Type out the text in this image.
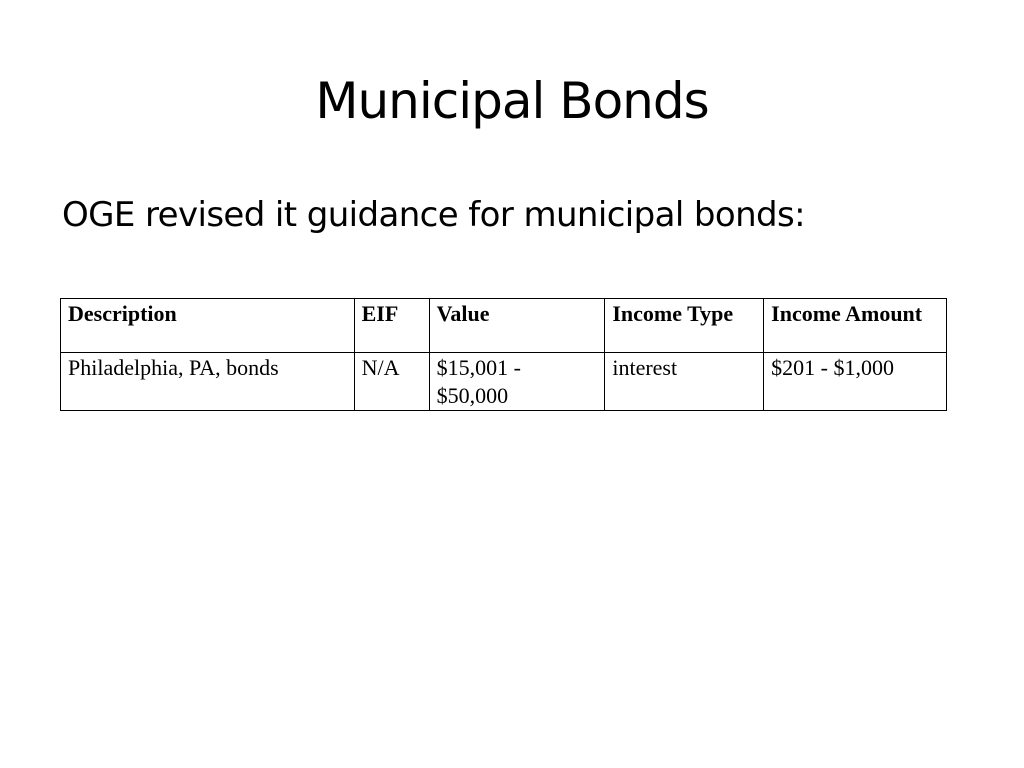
Municipal Bonds

OGE revised it guidance for municipal bonds:

Description	EIF	Value	Income Type	Income Amount
Philadelphia, PA, bonds	N/A	$15,001 - $50,000	interest	$201 - $1,000
